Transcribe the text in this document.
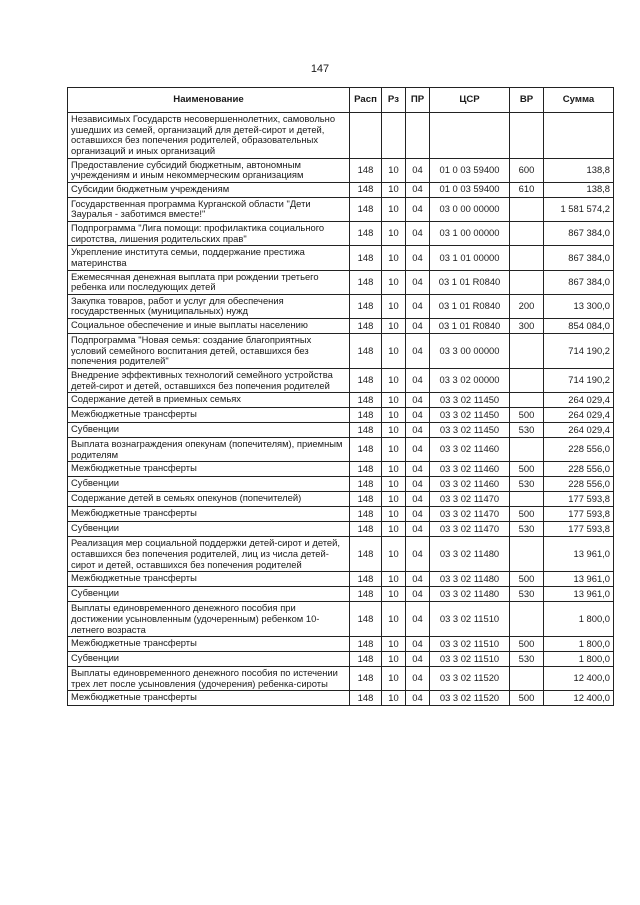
147
Наименование	Расп	Рз	ПР	ЦСР	ВР	Сумма
Независимых Государств несовершеннолетних, самовольно ушедших из семей, организаций для детей-сирот и детей, оставшихся без попечения родителей, образовательных организаций и иных организаций						
Предоставление субсидий бюджетным, автономным учреждениям и иным некоммерческим организациям	148	10	04	01 0 03 59400	600	138,8
Субсидии бюджетным учреждениям	148	10	04	01 0 03 59400	610	138,8
Государственная программа Курганской области "Дети Зауралья - заботимся вместе!"	148	10	04	03 0 00 00000		1 581 574,2
Подпрограмма "Лига помощи: профилактика социального сиротства, лишения родительских прав"	148	10	04	03 1 00 00000		867 384,0
Укрепление института семьи, поддержание престижа материнства	148	10	04	03 1 01 00000		867 384,0
Ежемесячная денежная выплата при рождении третьего ребенка или последующих детей	148	10	04	03 1 01 R0840		867 384,0
Закупка товаров, работ и услуг для обеспечения государственных (муниципальных) нужд	148	10	04	03 1 01 R0840	200	13 300,0
Социальное обеспечение и иные выплаты населению	148	10	04	03 1 01 R0840	300	854 084,0
Подпрограмма "Новая семья: создание благоприятных условий семейного воспитания детей, оставшихся без попечения родителей"	148	10	04	03 3 00 00000		714 190,2
Внедрение эффективных технологий семейного устройства детей-сирот и детей, оставшихся без попечения родителей	148	10	04	03 3 02 00000		714 190,2
Содержание детей в приемных семьях	148	10	04	03 3 02 11450		264 029,4
Межбюджетные трансферты	148	10	04	03 3 02 11450	500	264 029,4
Субвенции	148	10	04	03 3 02 11450	530	264 029,4
Выплата вознаграждения опекунам (попечителям), приемным родителям	148	10	04	03 3 02 11460		228 556,0
Межбюджетные трансферты	148	10	04	03 3 02 11460	500	228 556,0
Субвенции	148	10	04	03 3 02 11460	530	228 556,0
Содержание детей в семьях опекунов (попечителей)	148	10	04	03 3 02 11470		177 593,8
Межбюджетные трансферты	148	10	04	03 3 02 11470	500	177 593,8
Субвенции	148	10	04	03 3 02 11470	530	177 593,8
Реализация мер социальной поддержки детей-сирот и детей, оставшихся без попечения родителей, лиц из числа детей-сирот и детей, оставшихся без попечения родителей	148	10	04	03 3 02 11480		13 961,0
Межбюджетные трансферты	148	10	04	03 3 02 11480	500	13 961,0
Субвенции	148	10	04	03 3 02 11480	530	13 961,0
Выплаты единовременного денежного пособия при достижении усыновленным (удочеренным) ребенком 10-летнего возраста	148	10	04	03 3 02 11510		1 800,0
Межбюджетные трансферты	148	10	04	03 3 02 11510	500	1 800,0
Субвенции	148	10	04	03 3 02 11510	530	1 800,0
Выплаты единовременного денежного пособия по истечении трех лет после усыновления (удочерения) ребенка-сироты	148	10	04	03 3 02 11520		12 400,0
Межбюджетные трансферты	148	10	04	03 3 02 11520	500	12 400,0
